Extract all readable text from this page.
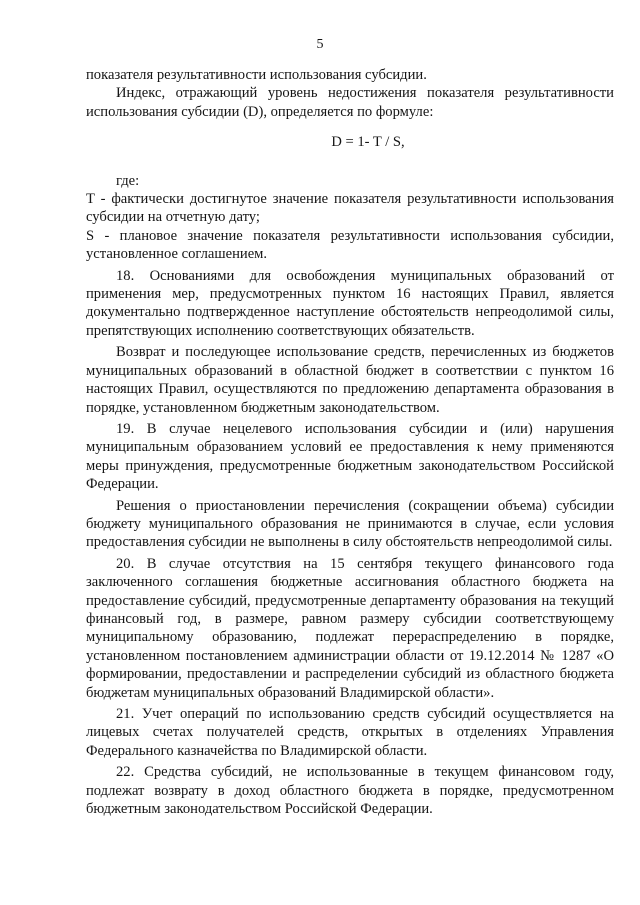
5

показателя результативности использования субсидии.

Индекс, отражающий уровень недостижения показателя результативности использования субсидии (D), определяется по формуле:

D = 1- T / S,

где:

T - фактически достигнутое значение показателя результативности использования субсидии на отчетную дату;

S - плановое значение показателя результативности использования субсидии, установленное соглашением.

18. Основаниями для освобождения муниципальных образований от применения мер, предусмотренных пунктом 16 настоящих Правил, является документально подтвержденное наступление обстоятельств непреодолимой силы, препятствующих исполнению соответствующих обязательств.

Возврат и последующее использование средств, перечисленных из бюджетов муниципальных образований в областной бюджет в соответствии с пунктом 16 настоящих Правил, осуществляются по предложению департамента образования в порядке, установленном бюджетным законодательством.

19. В случае нецелевого использования субсидии и (или) нарушения муниципальным образованием условий ее предоставления к нему применяются меры принуждения, предусмотренные бюджетным законодательством Российской Федерации.

Решения о приостановлении перечисления (сокращении объема) субсидии бюджету муниципального образования не принимаются в случае, если условия предоставления субсидии не выполнены в силу обстоятельств непреодолимой силы.

20. В случае отсутствия на 15 сентября текущего финансового года заключенного соглашения бюджетные ассигнования областного бюджета на предоставление субсидий, предусмотренные департаменту образования на текущий финансовый год, в размере, равном размеру субсидии соответствующему муниципальному образованию, подлежат перераспределению в порядке, установленном постановлением администрации области от 19.12.2014 № 1287 «О формировании, предоставлении и распределении субсидий из областного бюджета бюджетам муниципальных образований Владимирской области».

21. Учет операций по использованию средств субсидий осуществляется на лицевых счетах получателей средств, открытых в отделениях Управления Федерального казначейства по Владимирской области.

22. Средства субсидий, не использованные в текущем финансовом году, подлежат возврату в доход областного бюджета в порядке, предусмотренном бюджетным законодательством Российской Федерации.
